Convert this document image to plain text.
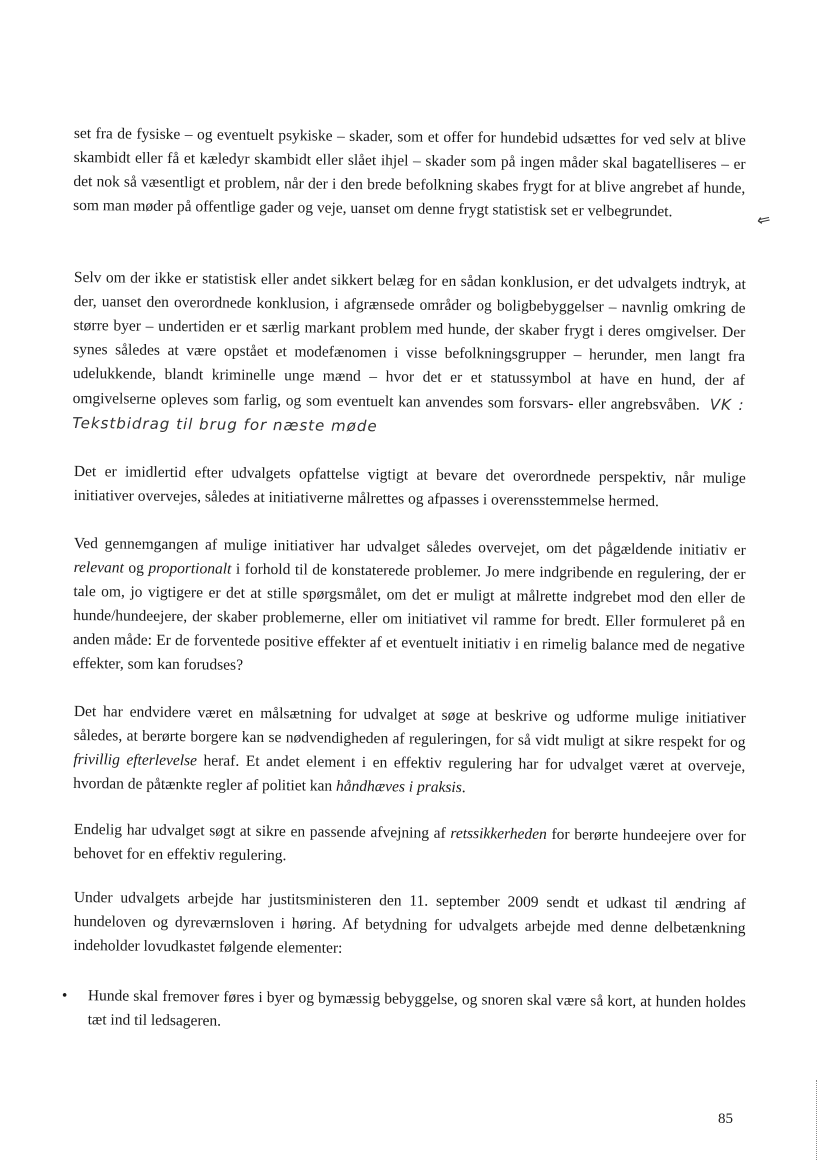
set fra de fysiske – og eventuelt psykiske – skader, som et offer for hundebid udsættes for ved selv at blive skambidt eller få et kæledyr skambidt eller slået ihjel – skader som på ingen måder skal bagatelliseres – er det nok så væsentligt et problem, når der i den brede befolkning skabes frygt for at blive angrebet af hunde, som man møder på offentlige gader og veje, uanset om denne frygt statistisk set er velbegrundet.

Selv om der ikke er statistisk eller andet sikkert belæg for en sådan konklusion, er det udvalgets indtryk, at der, uanset den overordnede konklusion, i afgrænsede områder og boligbebyggelser – navnlig omkring de større byer – undertiden er et særlig markant problem med hunde, der skaber frygt i deres omgivelser. Der synes således at være opstået et modefænomen i visse befolkningsgrupper – herunder, men langt fra udelukkende, blandt kriminelle unge mænd – hvor det er et statussymbol at have en hund, der af omgivelserne opleves som farlig, og som eventuelt kan anvendes som forsvars- eller angrebsvåben. VK : Tekstbidrag til brug for næste møde

Det er imidlertid efter udvalgets opfattelse vigtigt at bevare det overordnede perspektiv, når mulige initiativer overvejes, således at initiativerne målrettes og afpasses i overensstemmelse hermed.

Ved gennemgangen af mulige initiativer har udvalget således overvejet, om det pågældende initiativ er relevant og proportionalt i forhold til de konstaterede problemer. Jo mere indgribende en regulering, der er tale om, jo vigtigere er det at stille spørgsmålet, om det er muligt at målrette indgrebet mod den eller de hunde/hundeejere, der skaber problemerne, eller om initiativet vil ramme for bredt. Eller formuleret på en anden måde: Er de forventede positive effekter af et eventuelt initiativ i en rimelig balance med de negative effekter, som kan forudses?

Det har endvidere været en målsætning for udvalget at søge at beskrive og udforme mulige initiativer således, at berørte borgere kan se nødvendigheden af reguleringen, for så vidt muligt at sikre respekt for og frivillig efterlevelse heraf. Et andet element i en effektiv regulering har for udvalget været at overveje, hvordan de påtænkte regler af politiet kan håndhæves i praksis.

Endelig har udvalget søgt at sikre en passende afvejning af retssikkerheden for berørte hundeejere over for behovet for en effektiv regulering.

Under udvalgets arbejde har justitsministeren den 11. september 2009 sendt et udkast til ændring af hundeloven og dyreværnsloven i høring. Af betydning for udvalgets arbejde med denne delbetænkning indeholder lovudkastet følgende elementer:

•	Hunde skal fremover føres i byer og bymæssig bebyggelse, og snoren skal være så kort, at hunden holdes tæt ind til ledsageren.
⇐
85
